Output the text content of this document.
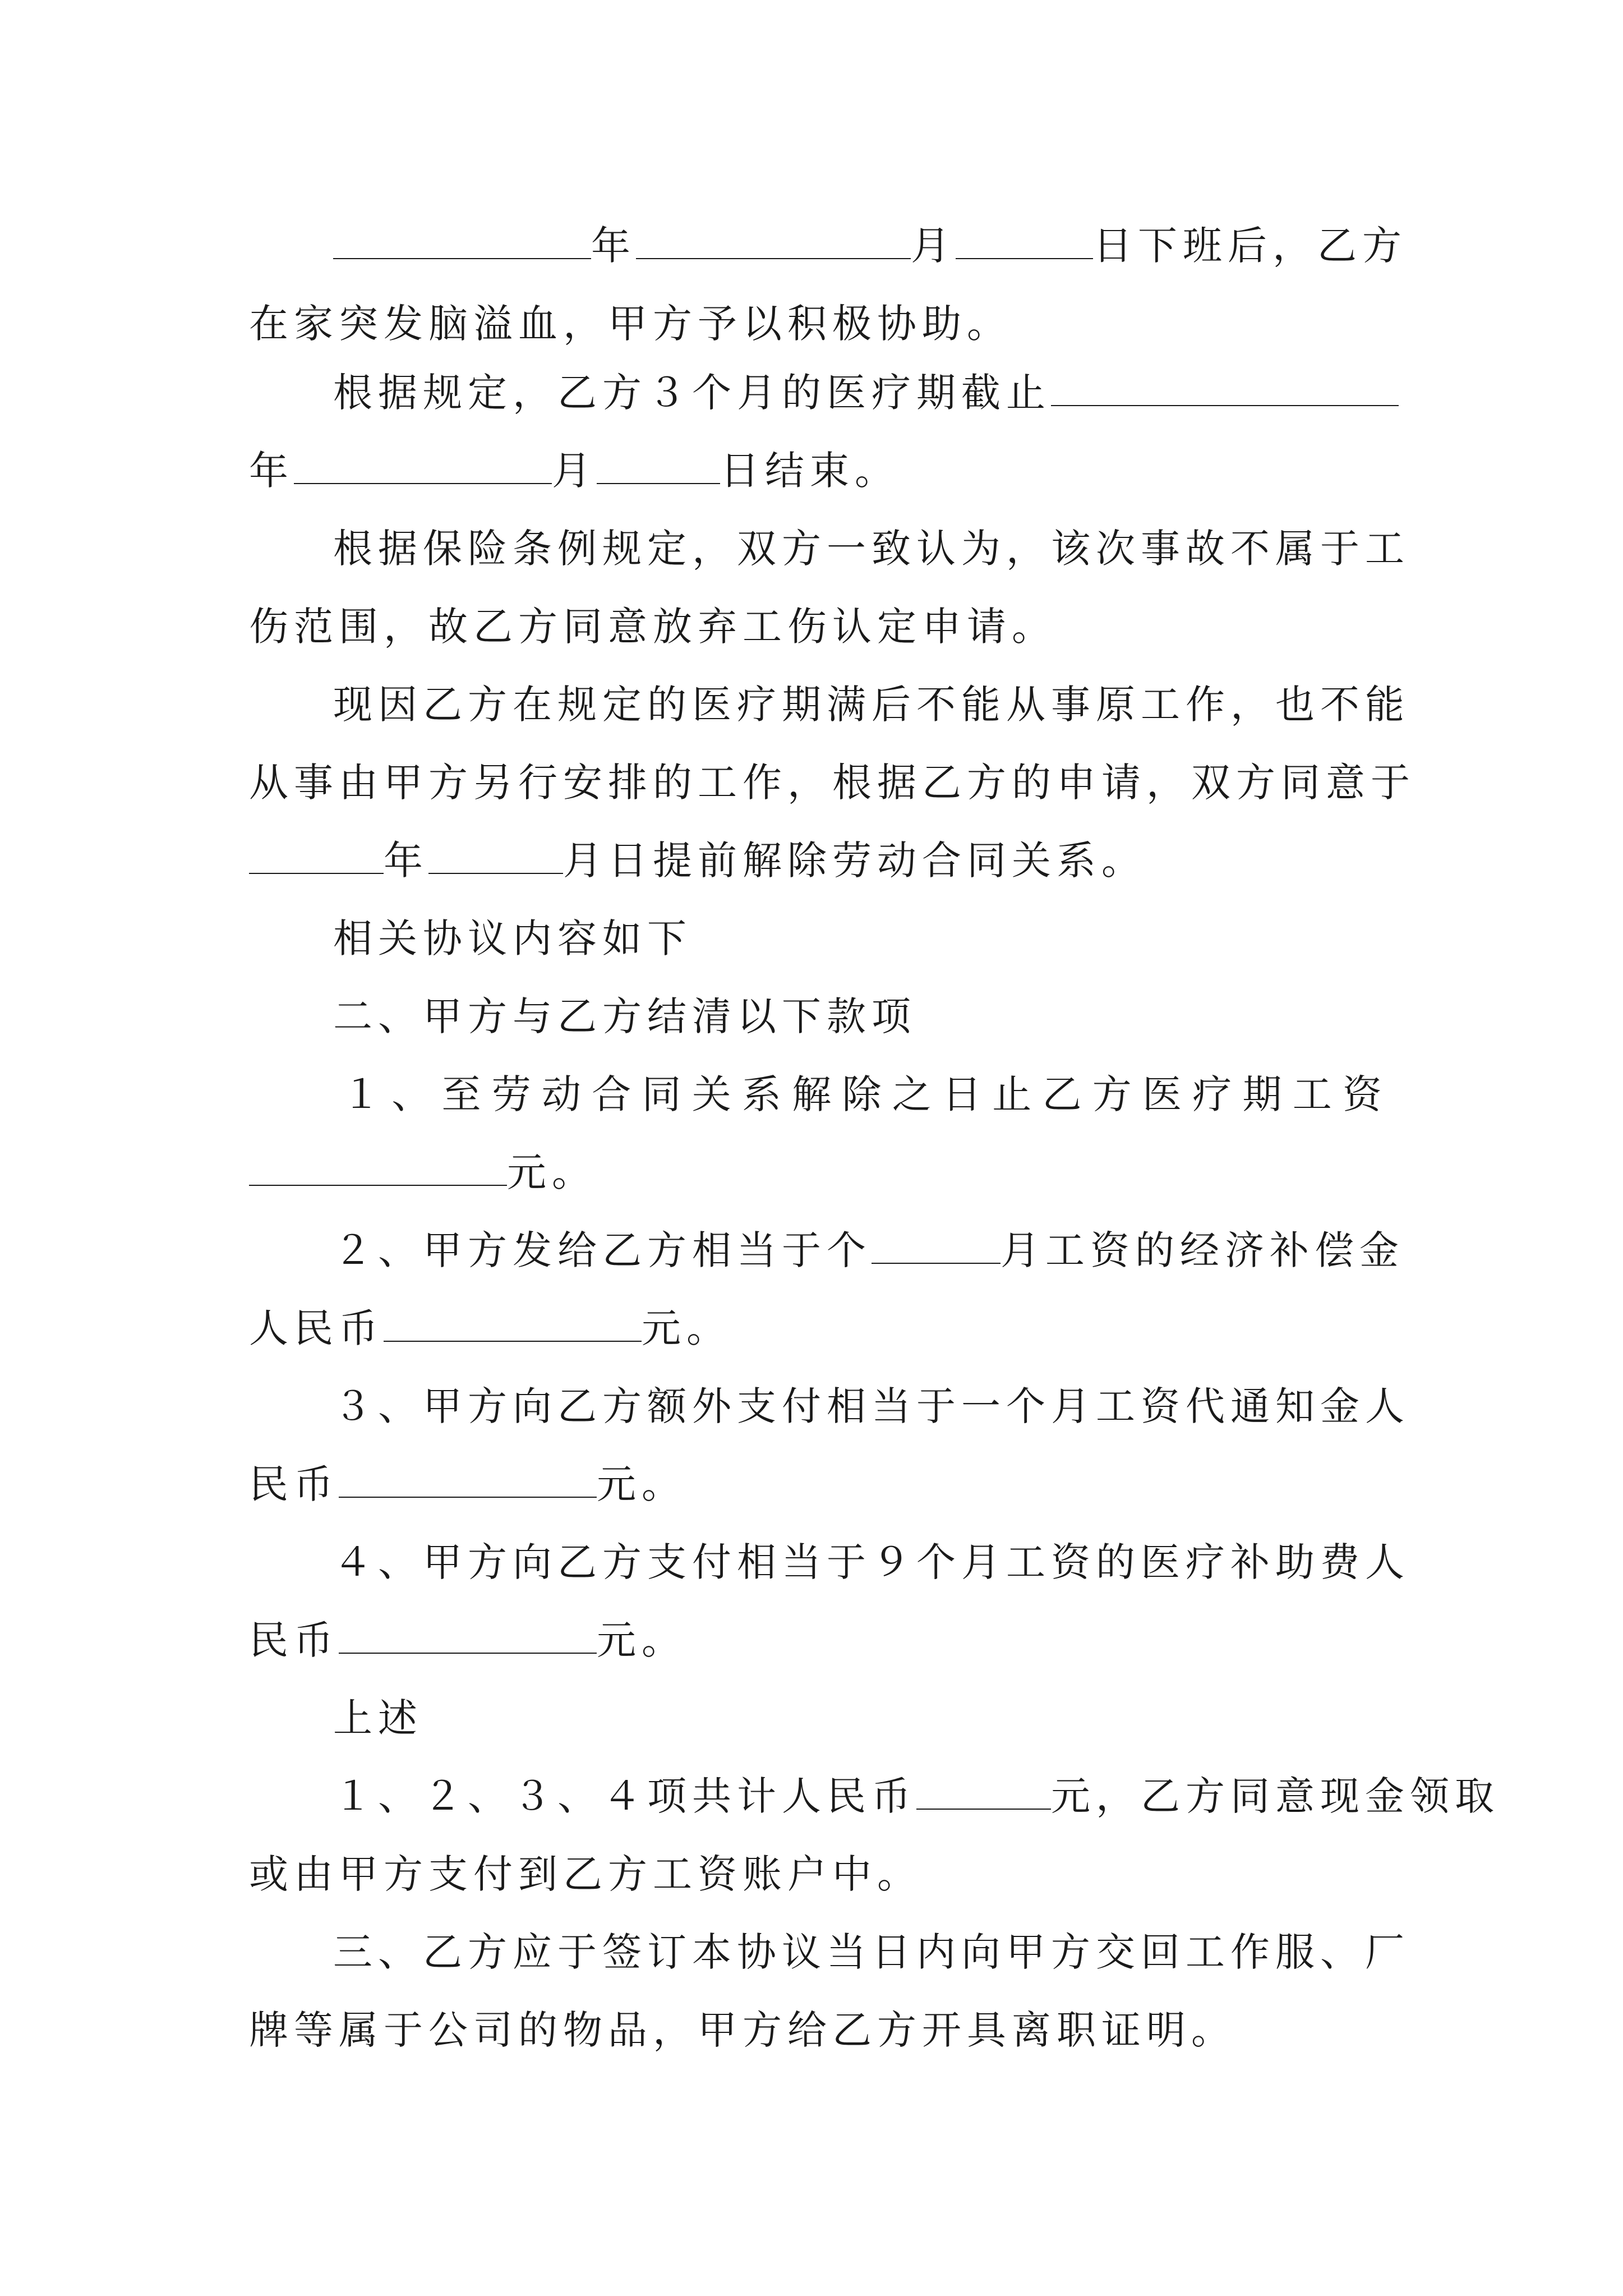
年	月	日下班后，乙方
在家突发脑溢血，甲方予以积极协助。
根据规定，乙方３个月的医疗期截止
年	月	日结束。
根据保险条例规定，双方一致认为，该次事故不属于工
伤范围，故乙方同意放弃工伤认定申请。
现因乙方在规定的医疗期满后不能从事原工作，也不能
从事由甲方另行安排的工作，根据乙方的申请，双方同意于
年	月日提前解除劳动合同关系。
相关协议内容如下
二、甲方与乙方结清以下款项
１、至劳动合同关系解除之日止乙方医疗期工资
元。
２、甲方发给乙方相当于个	月工资的经济补偿金
人民币	元。
３、甲方向乙方额外支付相当于一个月工资代通知金人
民币	元。
４、甲方向乙方支付相当于９个月工资的医疗补助费人
民币	元。
上述
１、２、３、４项共计人民币	元，乙方同意现金领取
或由甲方支付到乙方工资账户中。
三、乙方应于签订本协议当日内向甲方交回工作服、厂
牌等属于公司的物品，甲方给乙方开具离职证明。
